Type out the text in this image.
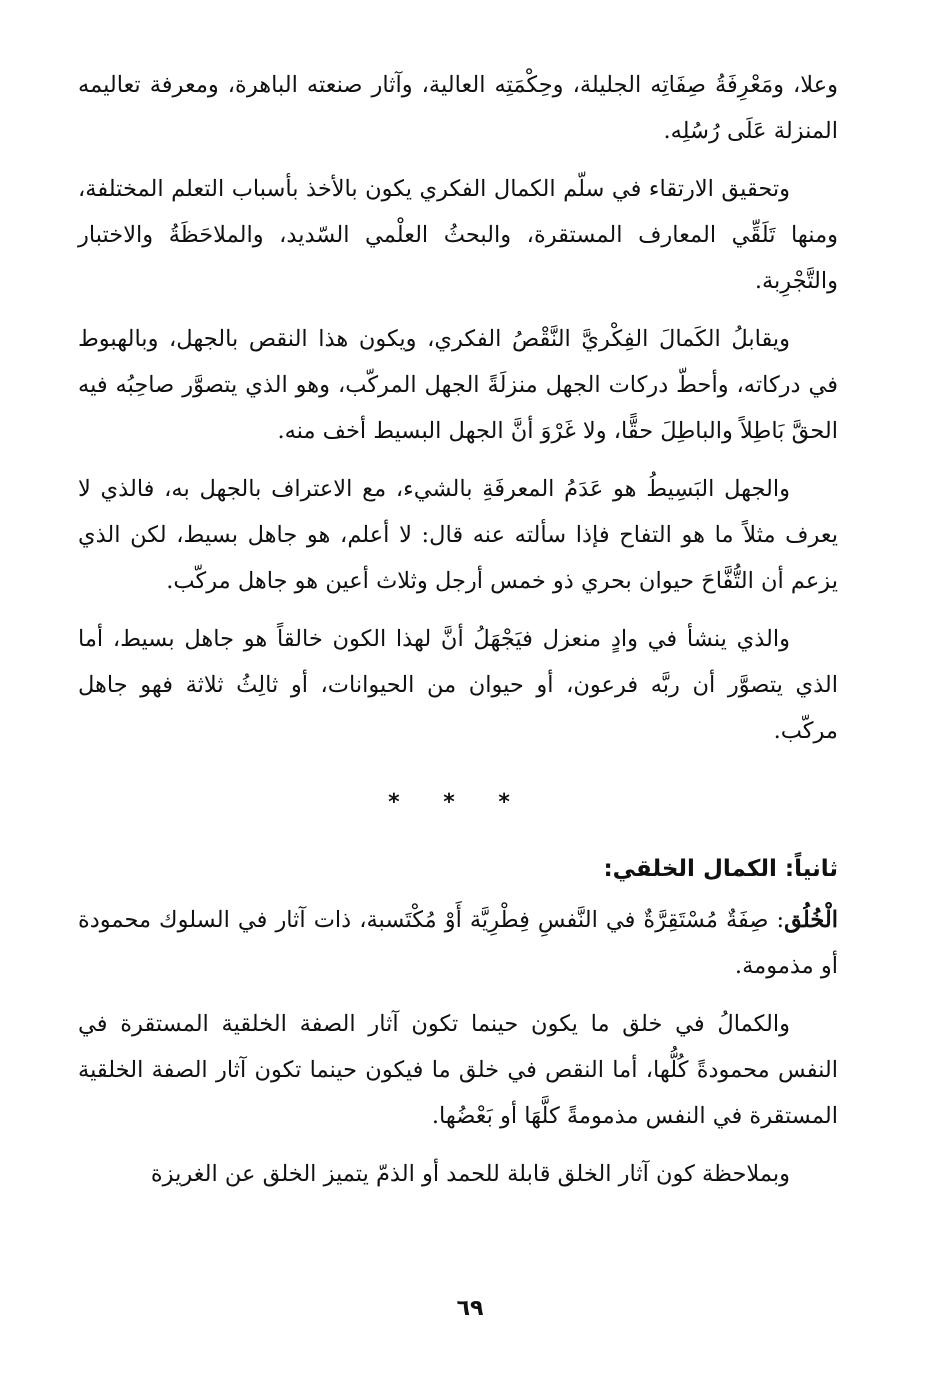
وعلا، ومَعْرِفَةُ صِفَاتِه الجليلة، وحِكْمَتِه العالية، وآثار صنعته الباهرة، ومعرفة تعاليمه المنزلة عَلَى رُسُلِه.

وتحقيق الارتقاء في سلّم الكمال الفكري يكون بالأخذ بأسباب التعلم المختلفة، ومنها تَلَقِّي المعارف المستقرة، والبحثُ العلْمي السّديد، والملاحَظَةُ والاختبار والتَّجْرِبة.

ويقابلُ الكَمالَ الفِكْريَّ النَّقْصُ الفكري، ويكون هذا النقص بالجهل، وبالهبوط في دركاته، وأحطّ دركات الجهل منزلَةً الجهل المركّب، وهو الذي يتصوَّر صاحِبُه فيه الحقَّ بَاطِلاً والباطِلَ حقًّا، ولا غَرْوَ أنَّ الجهل البسيط أخف منه.

والجهل البَسِيطُ هو عَدَمُ المعرفَةِ بالشيء، مع الاعتراف بالجهل به، فالذي لا يعرف مثلاً ما هو التفاح فإذا سألته عنه قال: لا أعلم، هو جاهل بسيط، لكن الذي يزعم أن التُّفَّاحَ حيوان بحري ذو خمس أرجل وثلاث أعين هو جاهل مركّب.

والذي ينشأ في وادٍ منعزل فيَجْهَلُ أنَّ لهذا الكون خالقاً هو جاهل بسيط، أما الذي يتصوَّر أن ربَّه فرعون، أو حيوان من الحيوانات، أو ثالِثُ ثلاثة فهو جاهل مركّب.

* * *
ثانياً: الكمال الخلقي:

الْخُلُق: صِفَةٌ مُسْتَقِرَّةٌ في النَّفسِ فِطْرِيَّة أَوْ مُكْتَسبة، ذات آثار في السلوك محمودة أو مذمومة.

والكمالُ في خلق ما يكون حينما تكون آثار الصفة الخلقية المستقرة في النفس محمودةً كُلُّها، أما النقص في خلق ما فيكون حينما تكون آثار الصفة الخلقية المستقرة في النفس مذمومةً كلَّهَا أو بَعْضُها.

وبملاحظة كون آثار الخلق قابلة للحمد أو الذمّ يتميز الخلق عن الغريزة

٦٩
